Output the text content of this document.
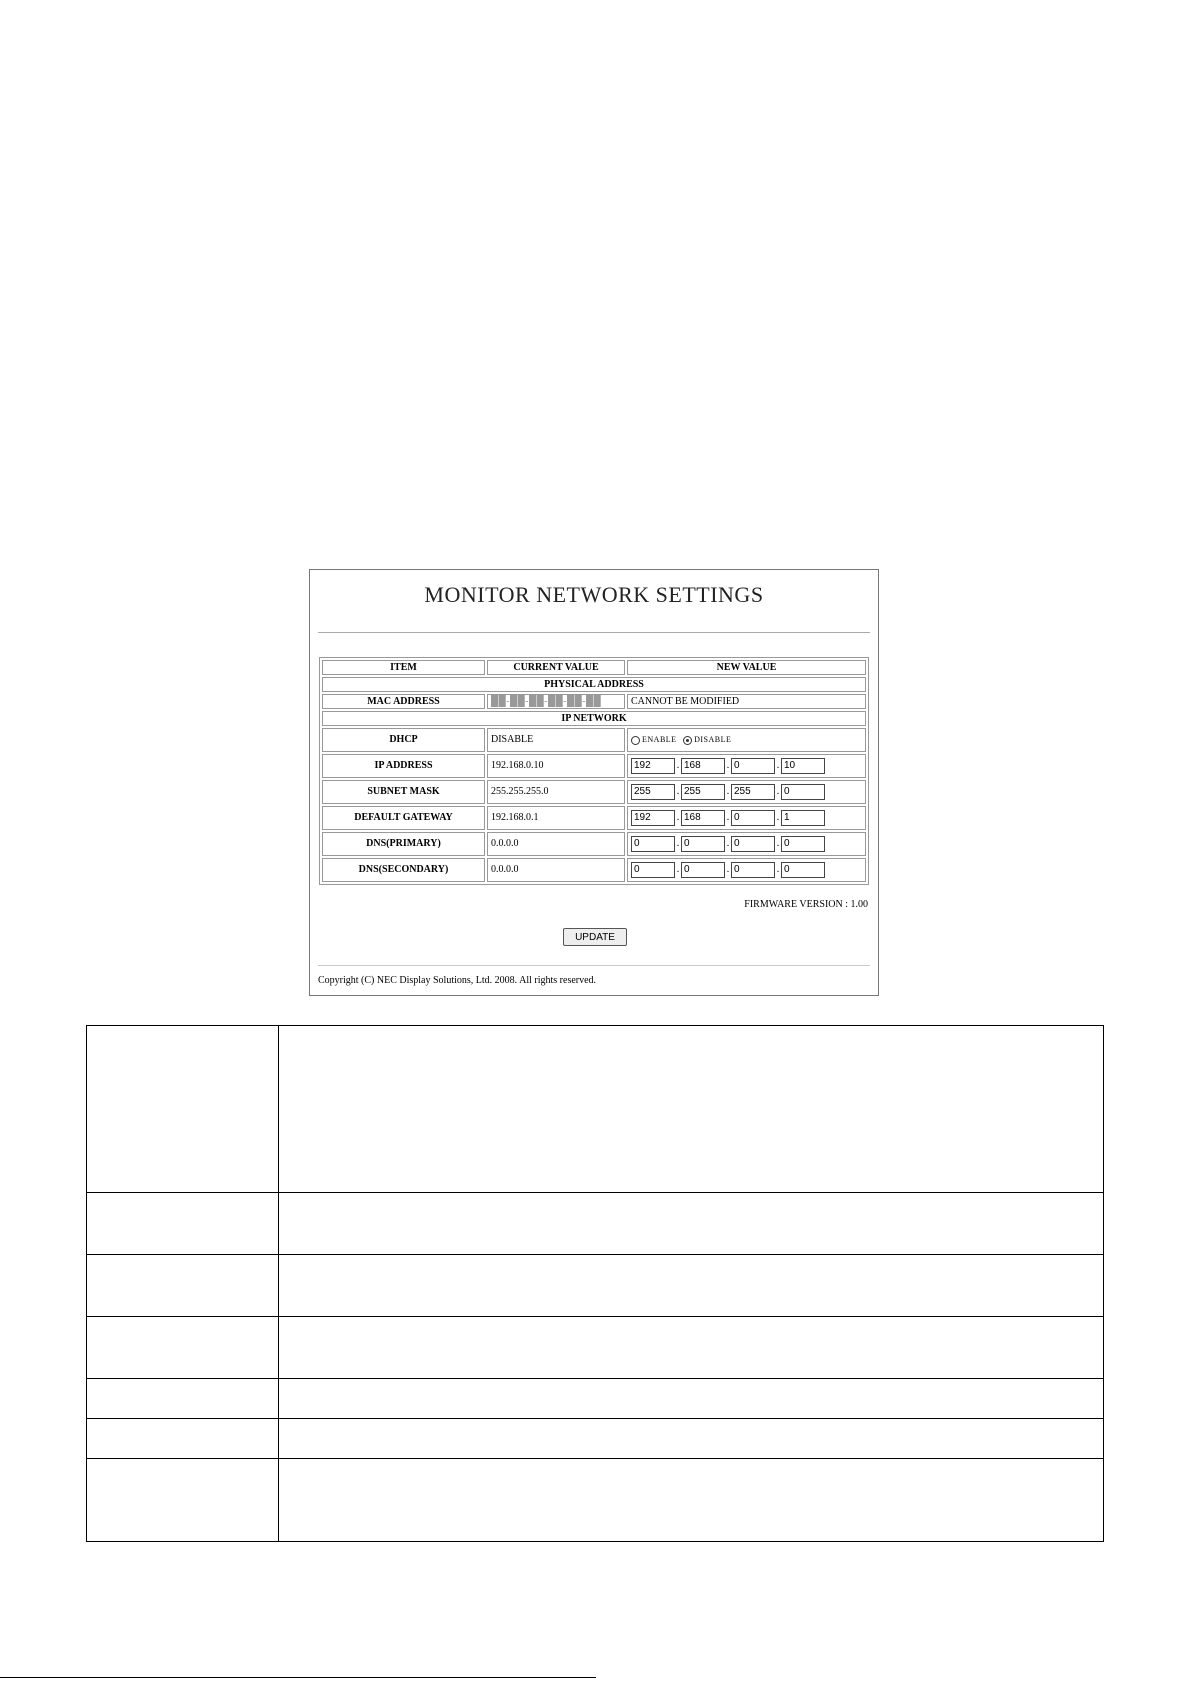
MONITOR NETWORK SETTINGS
ITEM	CURRENT VALUE	NEW VALUE
PHYSICAL ADDRESS		
MAC ADDRESS	██-██-██-██-██-██	CANNOT BE MODIFIED
IP NETWORK		
DHCP	DISABLE	ENABLE DISABLE
IP ADDRESS	192.168.0.10	192 . 168 . 0 . 10
SUBNET MASK	255.255.255.0	255 . 255 . 255 . 0
DEFAULT GATEWAY	192.168.0.1	192 . 168 . 0 . 1
DNS(PRIMARY)	0.0.0.0	0 . 0 . 0 . 0
DNS(SECONDARY)	0.0.0.0	0 . 0 . 0 . 0
FIRMWARE VERSION : 1.00
UPDATE
Copyright (C) NEC Display Solutions, Ltd. 2008. All rights reserved.
